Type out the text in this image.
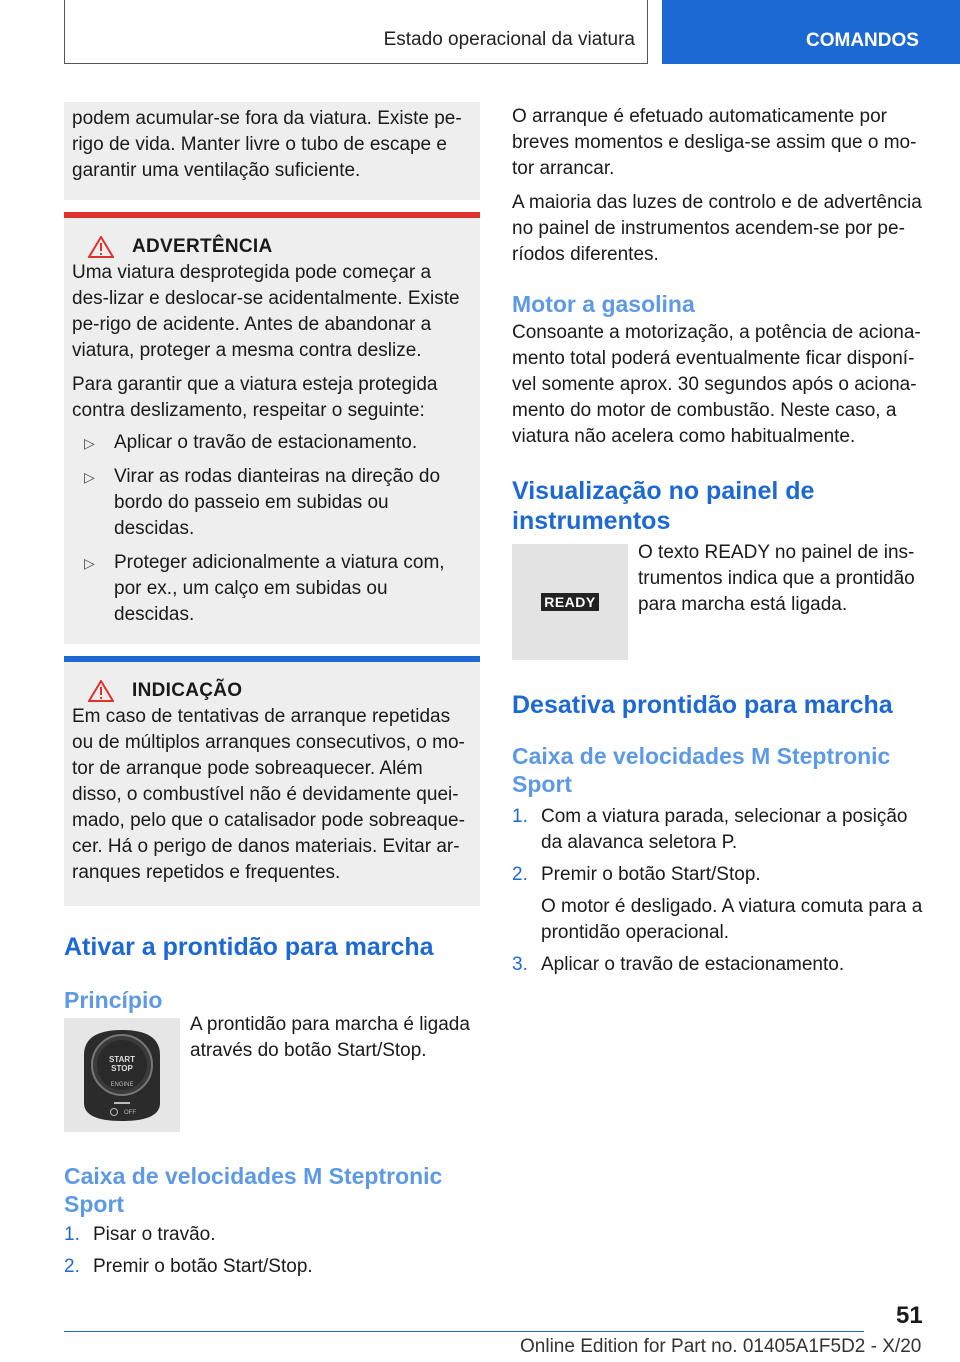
Estado operacional da viatura	COMANDOS

podem acumular-se fora da viatura. Existe pe-rigo de vida. Manter livre o tubo de escape e garantir uma ventilação suficiente.

ADVERTÊNCIA

Uma viatura desprotegida pode começar a des-lizar e deslocar-se acidentalmente. Existe pe-rigo de acidente. Antes de abandonar a viatura, proteger a mesma contra deslize.

Para garantir que a viatura esteja protegida contra deslizamento, respeitar o seguinte:

▷	Aplicar o travão de estacionamento.
▷	Virar as rodas dianteiras na direção do bordo do passeio em subidas ou descidas.
▷	Proteger adicionalmente a viatura com, por ex., um calço em subidas ou descidas.
INDICAÇÃO

Em caso de tentativas de arranque repetidas ou de múltiplos arranques consecutivos, o mo-tor de arranque pode sobreaquecer. Além disso, o combustível não é devidamente quei-mado, pelo que o catalisador pode sobreaque-cer. Há o perigo de danos materiais. Evitar ar-ranques repetidos e frequentes.

Ativar a prontidão para marcha
Princípio
START
STOP
ENGINE
OFF

A prontidão para marcha é ligada através do botão Start/Stop.

Caixa de velocidades M Steptronic Sport
1. Pisar o travão.
2. Premir o botão Start/Stop.

O arranque é efetuado automaticamente por breves momentos e desliga-se assim que o mo-tor arrancar.

A maioria das luzes de controlo e de advertência no painel de instrumentos acendem-se por pe-ríodos diferentes.

Motor a gasolina

Consoante a motorização, a potência de aciona-mento total poderá eventualmente ficar disponí-vel somente aprox. 30 segundos após o aciona-mento do motor de combustão. Neste caso, a viatura não acelera como habitualmente.

Visualização no painel de instrumentos
READY

O texto READY no painel de ins-trumentos indica que a prontidão para marcha está ligada.

Desativa prontidão para marcha
Caixa de velocidades M Steptronic Sport
1. Com a viatura parada, selecionar a posição da alavanca seletora P.
2. Premir o botão Start/Stop.
O motor é desligado. A viatura comuta para a prontidão operacional.
3. Aplicar o travão de estacionamento.
51
Online Edition for Part no. 01405A1F5D2 - X/20
